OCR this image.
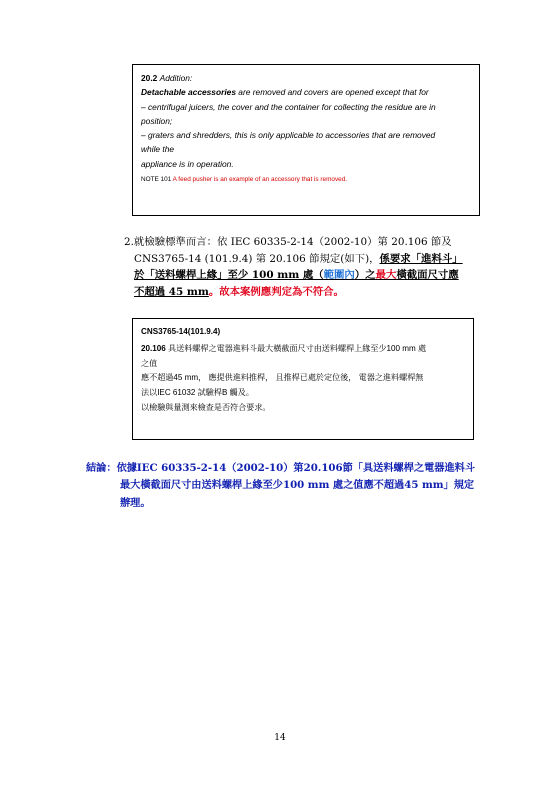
20.2 Addition:
Detachable accessories are removed and covers are opened except that for
– centrifugal juicers, the cover and the container for collecting the residue are in
position;
– graters and shredders, this is only applicable to accessories that are removed
while the
appliance is in operation.
NOTE 101 A feed pusher is an example of an accessory that is removed.
2.就檢驗標準而言：依 IEC 60335-2-14（2002-10）第 20.106 節及
CNS3765-14 (101.9.4) 第 20.106 節規定(如下)，係要求「進料斗」
於「送料螺桿上緣」至少 100 mm 處（範圍內）之最大橫截面尺寸應
不超過 45 mm。故本案例應判定為不符合。
CNS3765-14(101.9.4)
20.106 具送料螺桿之電器進料斗最大橫截面尺寸由送料螺桿上緣至少100 mm 處
之值
應不超過45 mm， 應提供進料推桿， 且推桿已處於定位後， 電器之進料螺桿無
法以IEC 61032 試驗桿B 觸及。
以檢驗與量測來檢查是否符合要求。
結論：依據IEC 60335-2-14（2002-10）第20.106節「具送料螺桿之電器進料斗
最大橫截面尺寸由送料螺桿上緣至少100 mm 處之值應不超過45 mm」規定
辦理。
14
